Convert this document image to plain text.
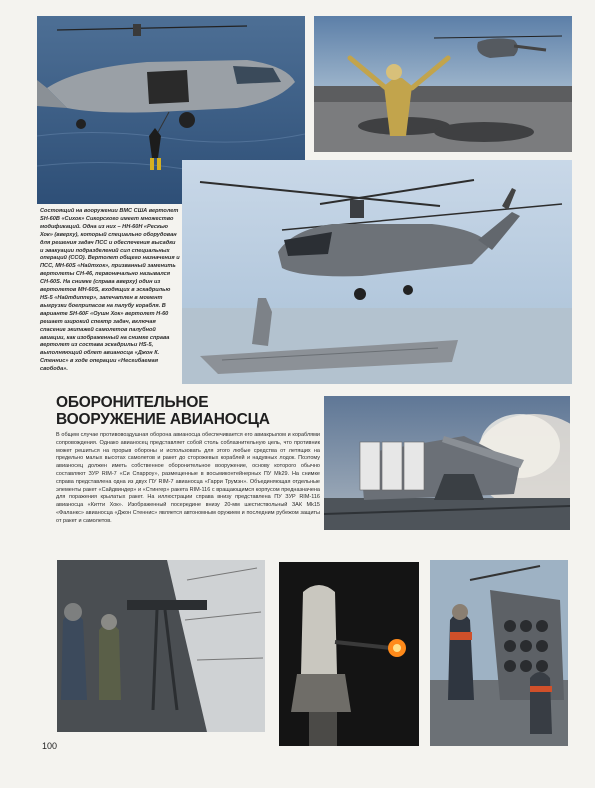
Состоящий на вооружении ВМС США вертолет SH-60B «Сихок» Сикорского имеет множество модификаций. Одна из них – HH-60H «Рескью Хок» (вверху), который специально оборудован для решения задач ПСС и обеспечения высадки и эвакуации подразделений сил специальных операций (ССО). Вертолет общего назначения и ПСС, MH-60S «Найтхок», призванный заменить вертолеты CH-46, первоначально назывался CH-60S. На снимке (справа вверху) один из вертолетов MH-60S, входящих в эскадрилью HS-5 «Найтдиппер», запечатлен в момент выгрузки боеприпасов на палубу корабля. В варианте SH-60F «Оушн Хок» вертолет H-60 решает широкий спектр задач, включая спасение экипажей самолетов палубной авиации, как изображенный на снимке справа вертолет из состава эскадрильи HS-5, выполняющий облет авианосца «Джон К. Стеннис» в ходе операции «Несгибаемая свобода».

ОБОРОНИТЕЛЬНОЕ ВООРУЖЕНИЕ АВИАНОСЦА

В общем случае противовоздушная оборона авианосца обеспечивается его авиакрылом и кораблями сопровождения. Однако авианосец представляет собой столь соблазнительную цель, что противник может решиться на прорыв обороны и использовать для этого любые средства от летящих на предельно малых высотах самолетов и ракет до сторожевых кораблей и надувных лодок. Поэтому авианосец должен иметь собственное оборонительное вооружение, основу которого обычно составляют ЗУР RIM-7 «Си Спарроу», размещенные в восьмиконтейнерных ПУ Mk29. На снимке справа представлена одна из двух ПУ RIM-7 авианосца «Гарри Трумэн». Объединяющая отдельные элементы ракет «Сайдвиндер» и «Стингер» ракета RIM-116 с вращающимся корпусом предназначена для поражения крылатых ракет. На иллюстрации справа внизу представлена ПУ ЗУР RIM-116 авианосца «Китти Хок». Изображенный посередине внизу 20-мм шестиствольный ЗАК Mk15 «Фаланкс» авианосца «Джон Стеннис» является автономным оружием и последним рубежом защиты от ракет и самолетов.

100
